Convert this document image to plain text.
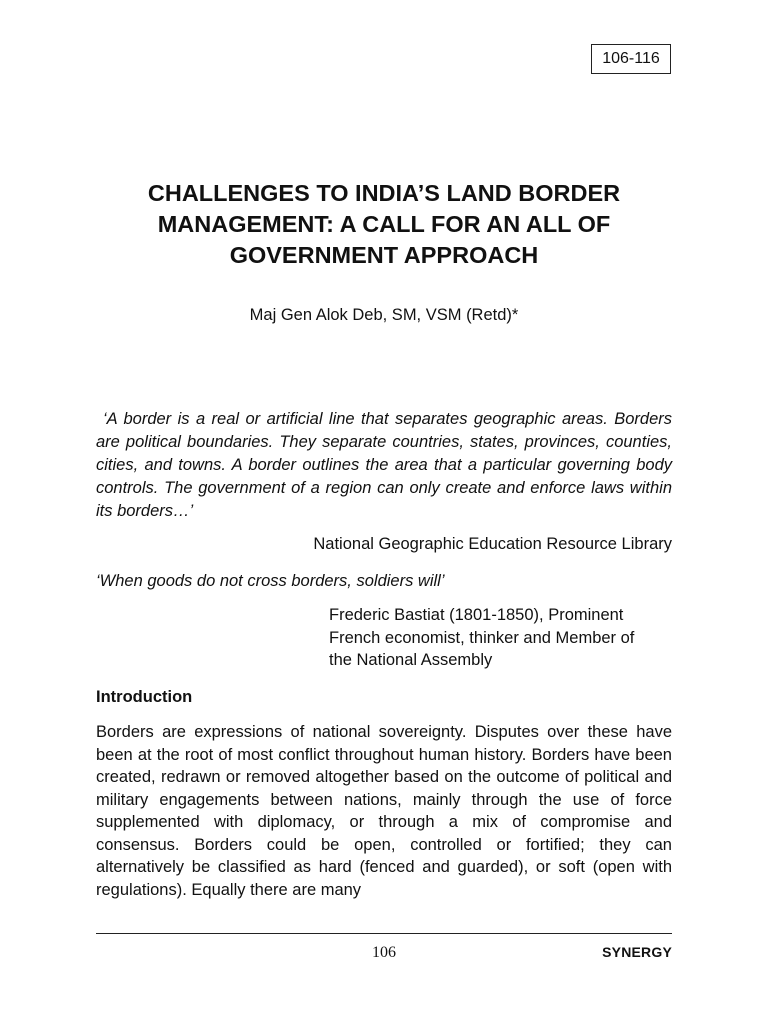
106-116
CHALLENGES TO INDIA’S LAND BORDER
MANAGEMENT: A CALL FOR AN ALL OF
GOVERNMENT APPROACH
Maj Gen Alok Deb, SM, VSM (Retd)*

‘A border is a real or artificial line that separates geographic areas. Borders are political boundaries. They separate countries, states, provinces, counties, cities, and towns. A border outlines the area that a particular governing body controls. The government of a region can only create and enforce laws within its borders…’

National Geographic Education Resource Library
‘When goods do not cross borders, soldiers will’
Frederic Bastiat (1801-1850), Prominent
French economist, thinker and Member of
the National Assembly
Introduction

Borders are expressions of national sovereignty. Disputes over these have been at the root of most conflict throughout human history. Borders have been created, redrawn or removed altogether based on the outcome of political and military engagements between nations, mainly through the use of force supplemented with diplomacy, or through a mix of compromise and consensus. Borders could be open, controlled or fortified; they can alternatively be classified as hard (fenced and guarded), or soft (open with regulations). Equally there are many

106	SYNERGY
